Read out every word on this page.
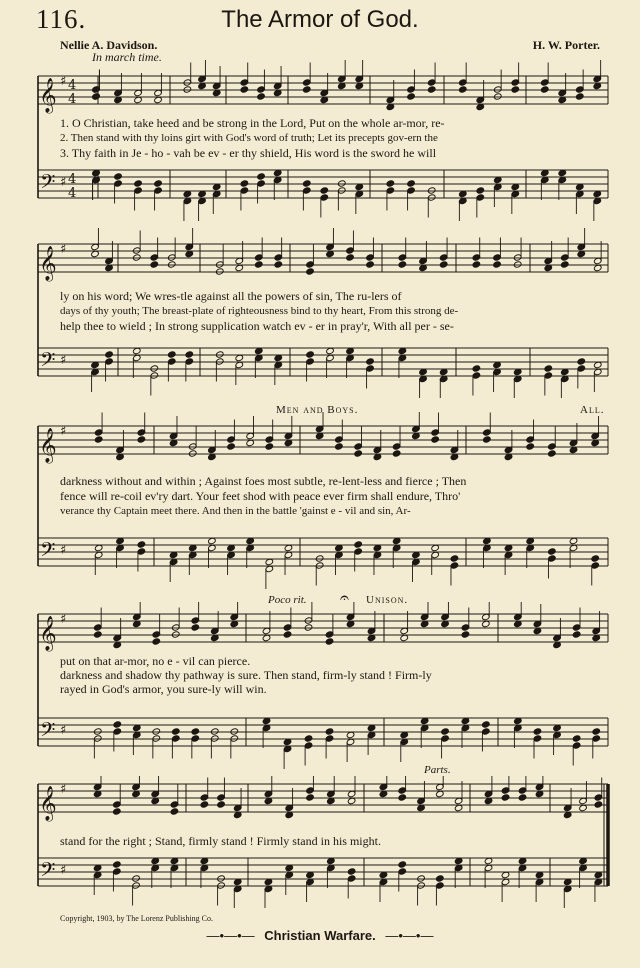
116.	The Armor of God.
Nellie A. Davidson.	H. W. Porter.
In march time.
𝄞 ♯ 4
4
𝄢 ♯ 4
4
1. O Christian, take heed and be strong in the Lord, Put on the whole ar-mor, re-
2. Then stand with thy loins girt with God's word of truth; Let its precepts gov-ern the
3. Thy faith in Je - ho - vah be ev - er thy shield, His word is the sword he will
𝄞 ♯
𝄢 ♯
ly on his word; We wres-tle against all the powers of sin, The ru-lers of
days of thy youth; The breast-plate of righteousness bind to thy heart, From this strong de-
help thee to wield ; In strong supplication watch ev - er in pray'r, With all per - se-
Men and Boys.	All.
𝄞 ♯
𝄢 ♯
darkness without and within ; Against foes most subtle, re-lent-less and fierce ; Then
fence will re-coil ev'ry dart. Your feet shod with peace ever firm shall endure, Thro'
verance thy Captain meet there. And then in the battle 'gainst e - vil and sin, Ar-
Poco rit. 𝄐 Unison.
𝄞 ♯
𝄢 ♯
put on that ar-mor, no e - vil can pierce.
darkness and shadow thy pathway is sure. Then stand, firm-ly stand ! Firm-ly
rayed in God's armor, you sure-ly will win.
Parts.
𝄞 ♯
𝄢 ♯
stand for the right ; Stand, firmly stand ! Firmly stand in his might.
Copyright, 1903, by The Lorenz Publishing Co.
—•—•— Christian Warfare. —•—•—
